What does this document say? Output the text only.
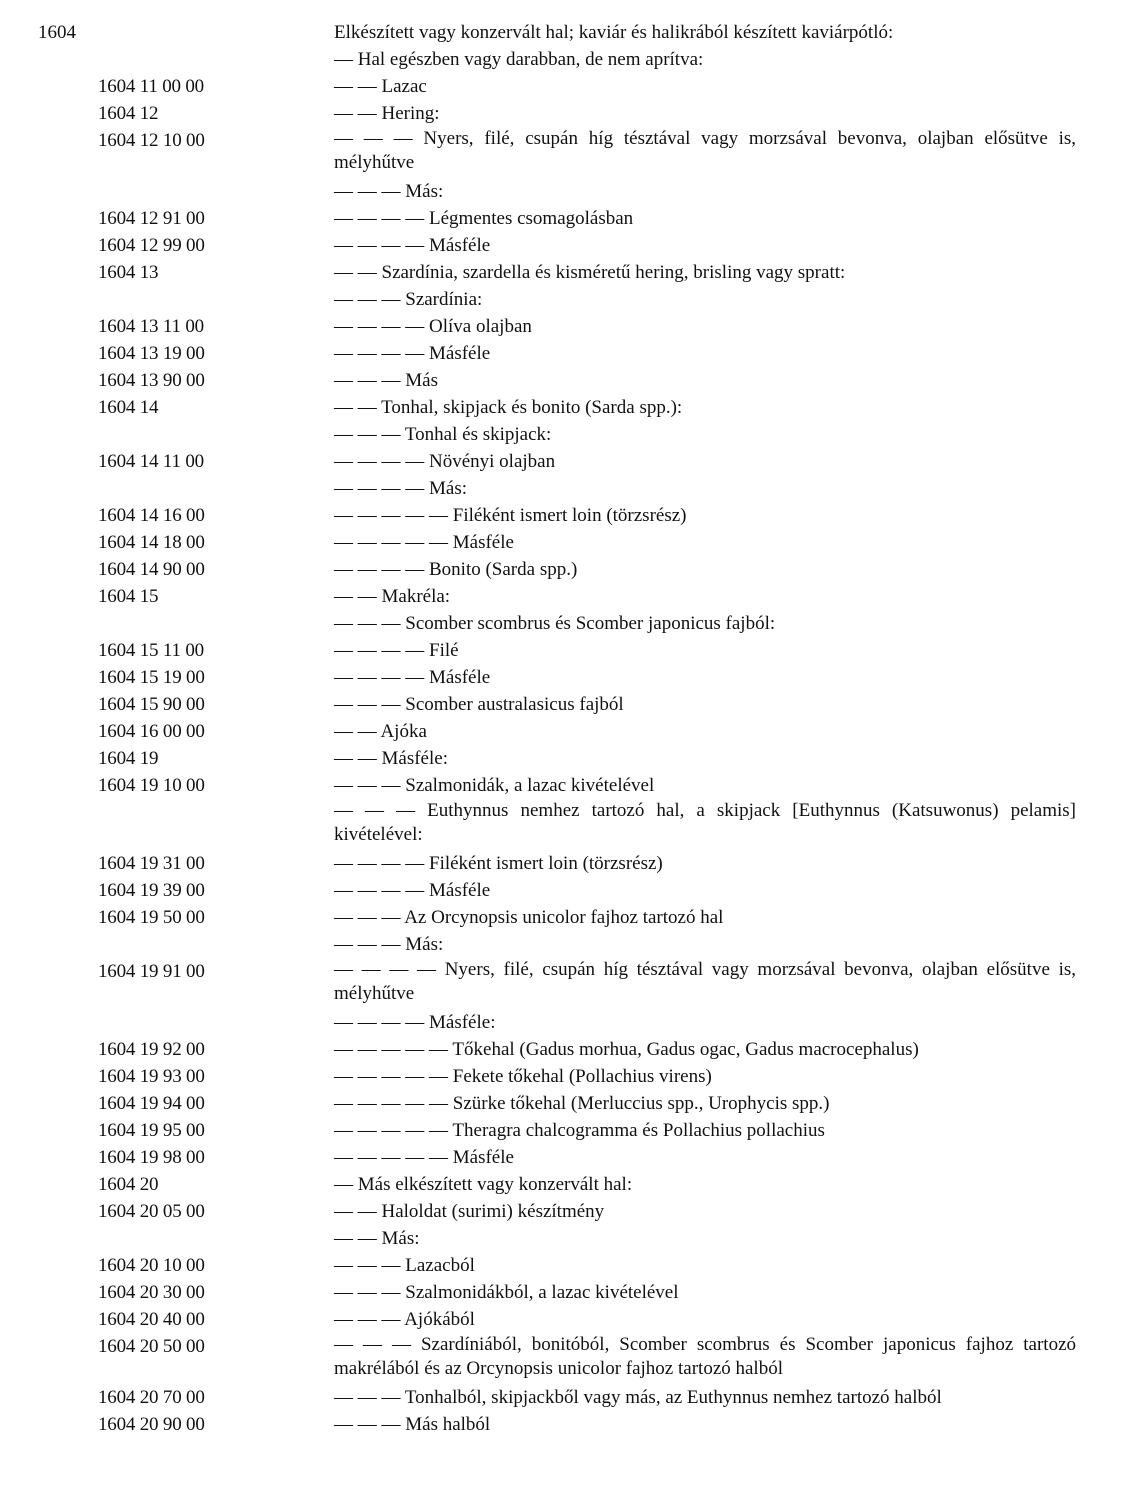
1604	Elkészített vagy konzervált hal; kaviár és halikrából készített kaviárpótló:
— Hal egészben vagy darabban, de nem aprítva:
1604 11 00 00	— — Lazac
1604 12	— — Hering:
1604 12 10 00	— — — Nyers, filé, csupán híg tésztával vagy morzsával bevonva, olajban elősütve is, mélyhűtve
— — — Más:
1604 12 91 00	— — — — Légmentes csomagolásban
1604 12 99 00	— — — — Másféle
1604 13	— — Szardínia, szardella és kisméretű hering, brisling vagy spratt:
— — — Szardínia:
1604 13 11 00	— — — — Olíva olajban
1604 13 19 00	— — — — Másféle
1604 13 90 00	— — — Más
1604 14	— — Tonhal, skipjack és bonito (Sarda spp.):
— — — Tonhal és skipjack:
1604 14 11 00	— — — — Növényi olajban
— — — — Más:
1604 14 16 00	— — — — — Filéként ismert loin (törzsrész)
1604 14 18 00	— — — — — Másféle
1604 14 90 00	— — — — Bonito (Sarda spp.)
1604 15	— — Makréla:
— — — Scomber scombrus és Scomber japonicus fajból:
1604 15 11 00	— — — — Filé
1604 15 19 00	— — — — Másféle
1604 15 90 00	— — — Scomber australasicus fajból
1604 16 00 00	— — Ajóka
1604 19	— — Másféle:
1604 19 10 00	— — — Szalmonidák, a lazac kivételével
— — — Euthynnus nemhez tartozó hal, a skipjack [Euthynnus (Katsuwonus) pelamis] kivételével:
1604 19 31 00	— — — — Filéként ismert loin (törzsrész)
1604 19 39 00	— — — — Másféle
1604 19 50 00	— — — Az Orcynopsis unicolor fajhoz tartozó hal
— — — Más:
1604 19 91 00	— — — — Nyers, filé, csupán híg tésztával vagy morzsával bevonva, olajban elősütve is, mélyhűtve
— — — — Másféle:
1604 19 92 00	— — — — — Tőkehal (Gadus morhua, Gadus ogac, Gadus macrocephalus)
1604 19 93 00	— — — — — Fekete tőkehal (Pollachius virens)
1604 19 94 00	— — — — — Szürke tőkehal (Merluccius spp., Urophycis spp.)
1604 19 95 00	— — — — — Theragra chalcogramma és Pollachius pollachius
1604 19 98 00	— — — — — Másféle
1604 20	— Más elkészített vagy konzervált hal:
1604 20 05 00	— — Haloldat (surimi) készítmény
— — Más:
1604 20 10 00	— — — Lazacból
1604 20 30 00	— — — Szalmonidákból, a lazac kivételével
1604 20 40 00	— — — Ajókából
1604 20 50 00	— — — Szardíniából, bonitóból, Scomber scombrus és Scomber japonicus fajhoz tartozó makrélából és az Orcynopsis unicolor fajhoz tartozó halból
1604 20 70 00	— — — Tonhalból, skipjackből vagy más, az Euthynnus nemhez tartozó halból
1604 20 90 00	— — — Más halból
